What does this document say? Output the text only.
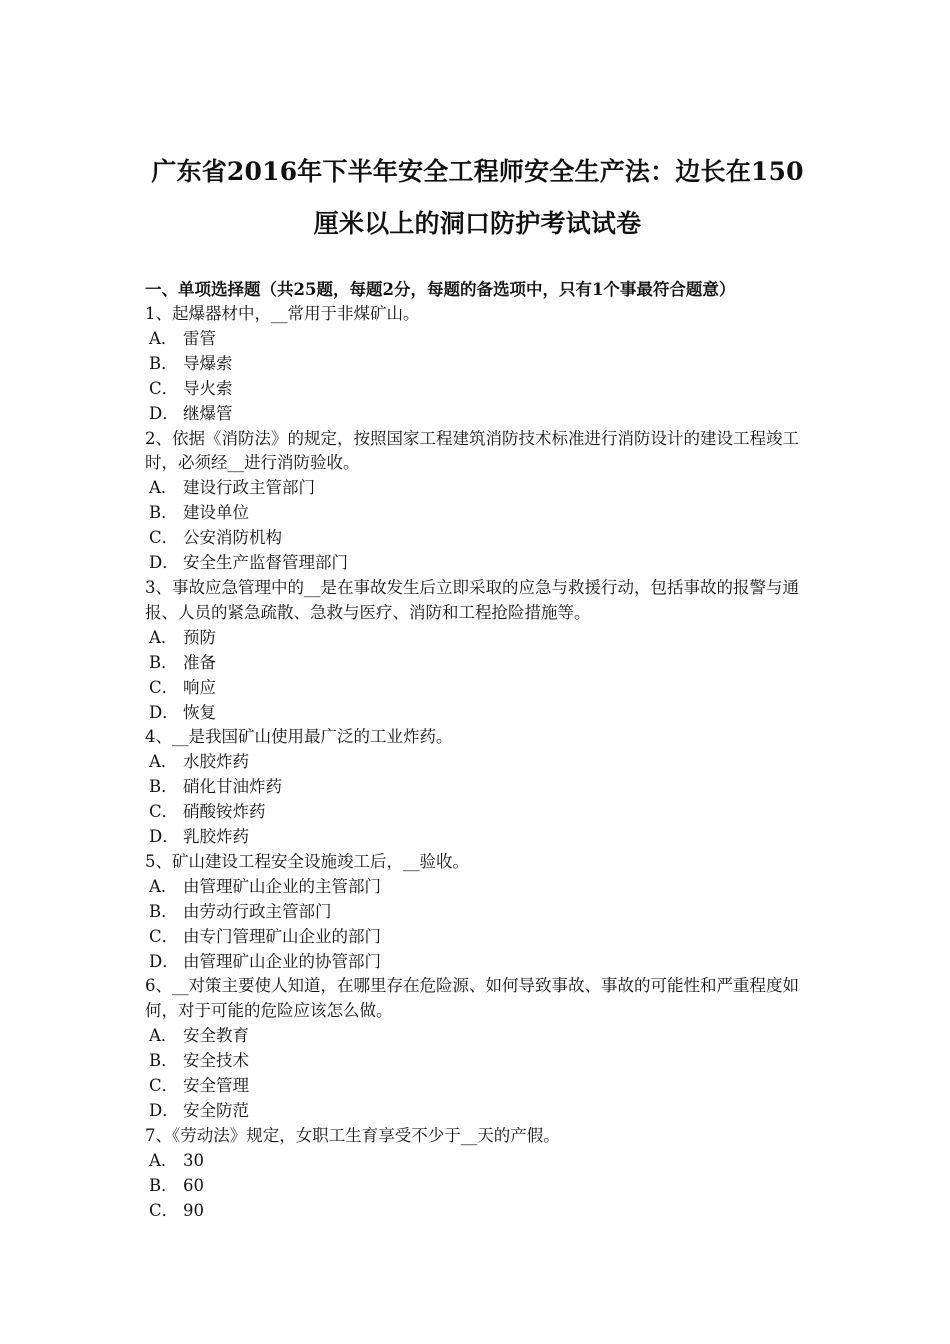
广东省2016年下半年安全工程师安全生产法：边长在150
厘米以上的洞口防护考试试卷

一、单项选择题（共25题，每题2分，每题的备选项中，只有1个事最符合题意）

1、起爆器材中，__常用于非煤矿山。

A． 雷管

B． 导爆索

C． 导火索

D． 继爆管

2、依据《消防法》的规定，按照国家工程建筑消防技术标准进行消防设计的建设工程竣工时，必须经__进行消防验收。

A． 建设行政主管部门

B． 建设单位

C． 公安消防机构

D． 安全生产监督管理部门

3、事故应急管理中的__是在事故发生后立即采取的应急与救援行动，包括事故的报警与通报、人员的紧急疏散、急救与医疗、消防和工程抢险措施等。

A． 预防

B． 准备

C． 响应

D． 恢复

4、__是我国矿山使用最广泛的工业炸药。

A． 水胶炸药

B． 硝化甘油炸药

C． 硝酸铵炸药

D． 乳胶炸药

5、矿山建设工程安全设施竣工后，__验收。

A． 由管理矿山企业的主管部门

B． 由劳动行政主管部门

C． 由专门管理矿山企业的部门

D． 由管理矿山企业的协管部门

6、__对策主要使人知道，在哪里存在危险源、如何导致事故、事故的可能性和严重程度如何，对于可能的危险应该怎么做。

A． 安全教育

B． 安全技术

C． 安全管理

D． 安全防范

7、《劳动法》规定，女职工生育享受不少于__天的产假。

A． 30

B． 60

C． 90
